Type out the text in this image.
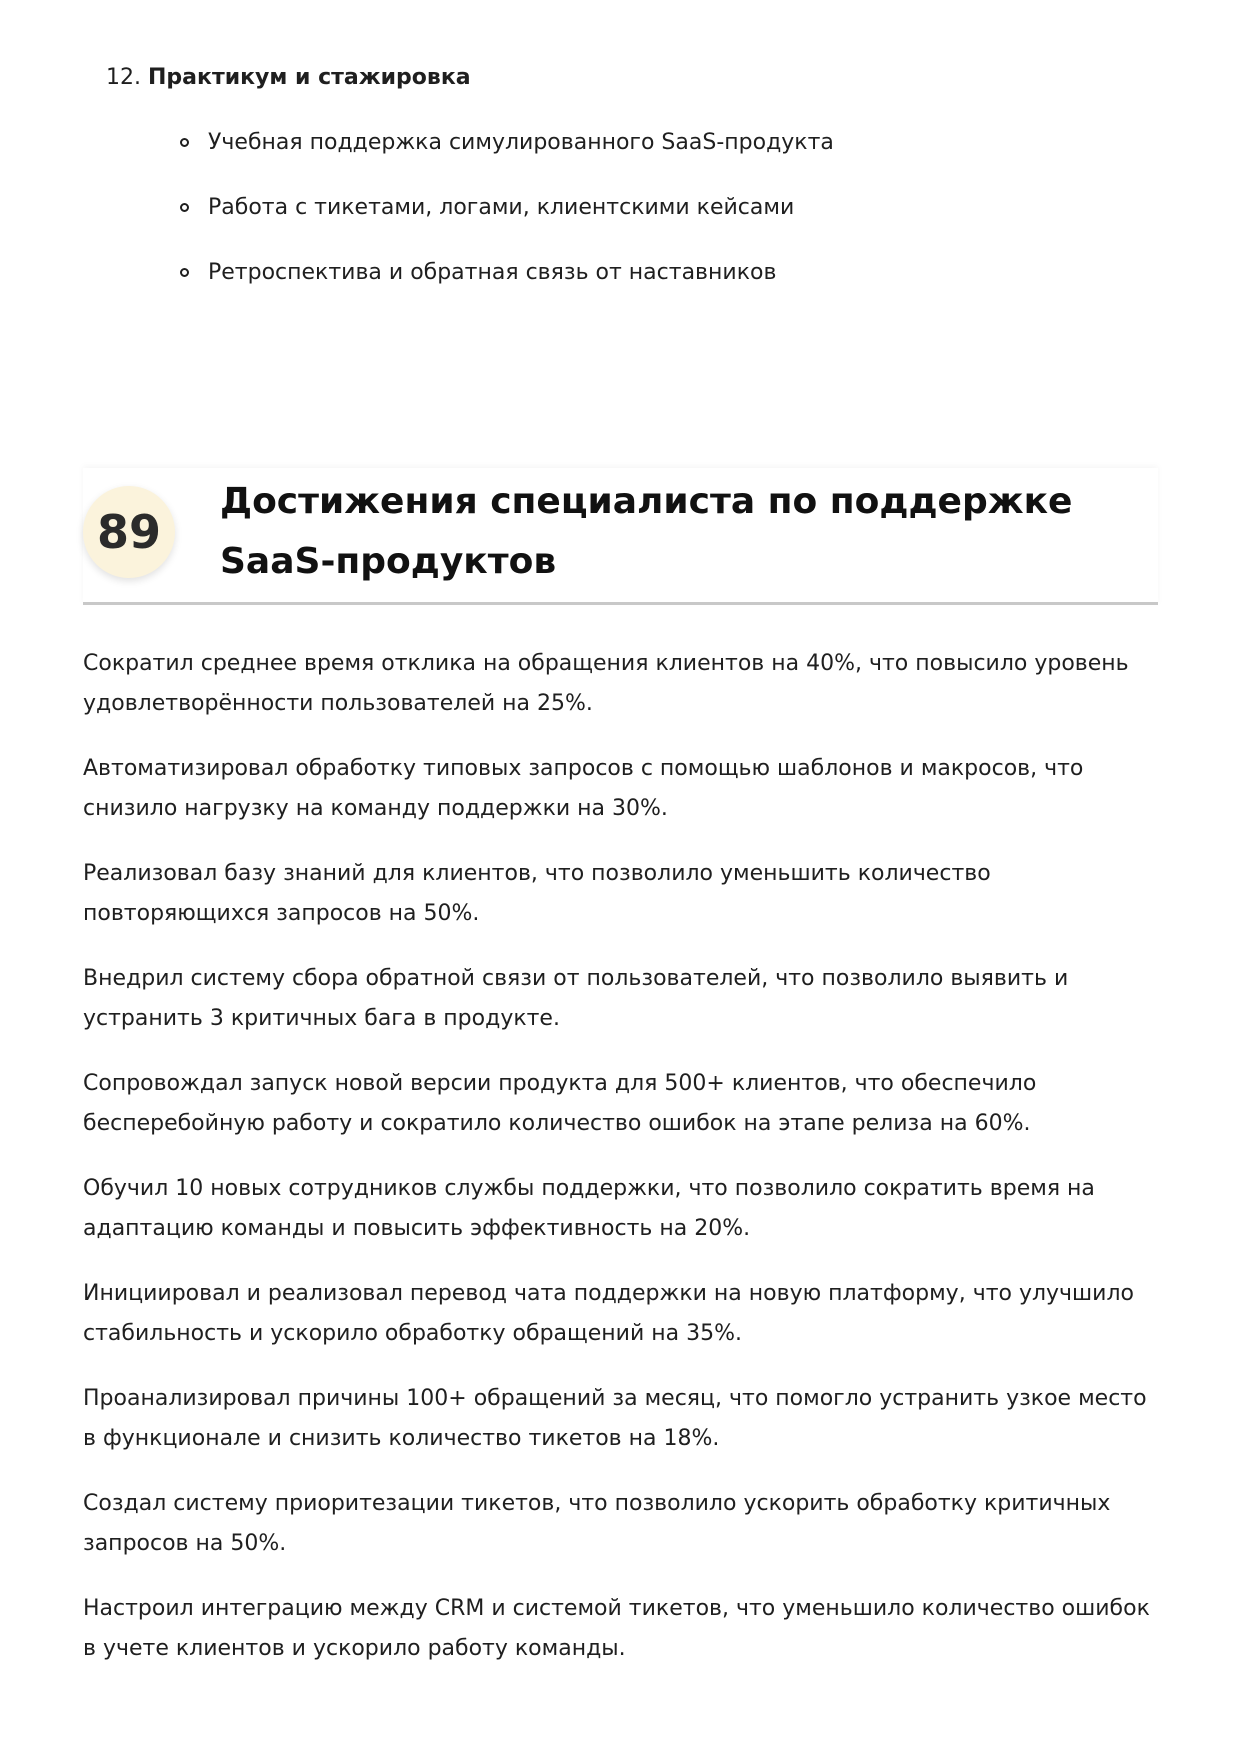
12. Практикум и стажировка
Учебная поддержка симулированного SaaS-продукта
Работа с тикетами, логами, клиентскими кейсами
Ретроспектива и обратная связь от наставников
89
Достижения специалиста по поддержке SaaS-продуктов

Сократил среднее время отклика на обращения клиентов на 40%, что повысило уровень удовлетворённости пользователей на 25%.

Автоматизировал обработку типовых запросов с помощью шаблонов и макросов, что снизило нагрузку на команду поддержки на 30%.

Реализовал базу знаний для клиентов, что позволило уменьшить количество повторяющихся запросов на 50%.

Внедрил систему сбора обратной связи от пользователей, что позволило выявить и устранить 3 критичных бага в продукте.

Сопровождал запуск новой версии продукта для 500+ клиентов, что обеспечило бесперебойную работу и сократило количество ошибок на этапе релиза на 60%.

Обучил 10 новых сотрудников службы поддержки, что позволило сократить время на адаптацию команды и повысить эффективность на 20%.

Инициировал и реализовал перевод чата поддержки на новую платформу, что улучшило стабильность и ускорило обработку обращений на 35%.

Проанализировал причины 100+ обращений за месяц, что помогло устранить узкое место в функционале и снизить количество тикетов на 18%.

Создал систему приоритезации тикетов, что позволило ускорить обработку критичных запросов на 50%.

Настроил интеграцию между CRM и системой тикетов, что уменьшило количество ошибок в учете клиентов и ускорило работу команды.
